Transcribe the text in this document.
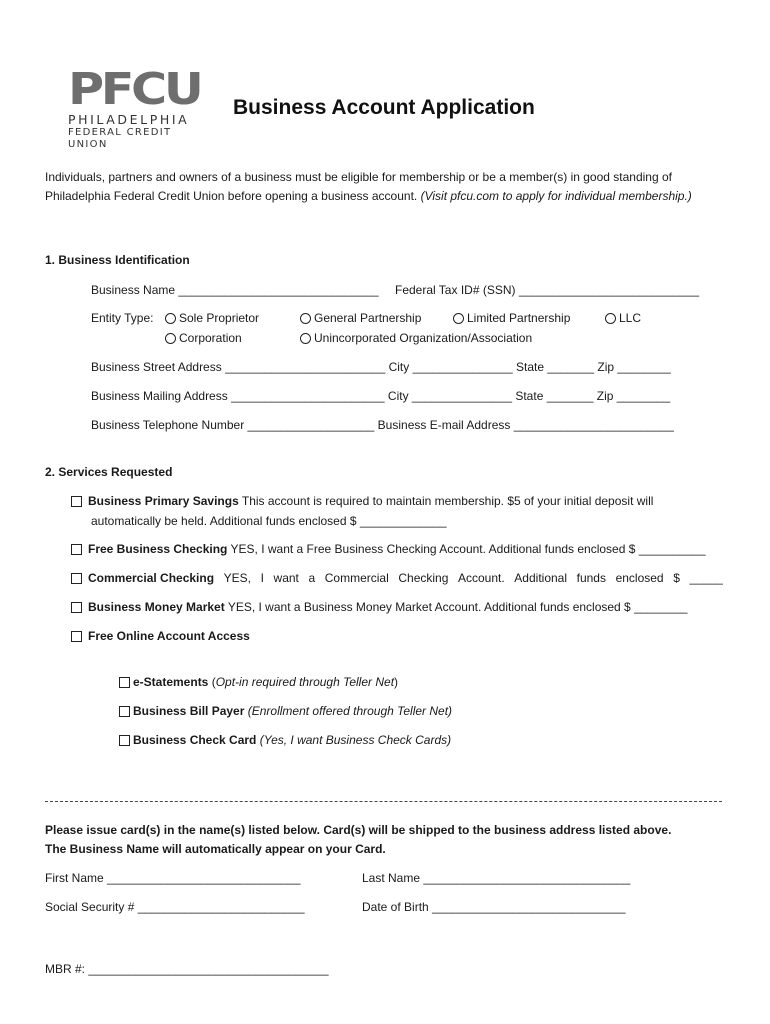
PFCU
PHILADELPHIA
FEDERAL CREDIT UNION
Business Account Application
Individuals, partners and owners of a business must be eligible for membership or be a member(s) in good standing of Philadelphia Federal Credit Union before opening a business account. (Visit pfcu.com to apply for individual membership.)
1. Business Identification
Business Name ______________________________ Federal Tax ID# (SSN) ___________________________
Entity Type:	Sole Proprietor	General Partnership	Limited Partnership	LLC
Corporation	Unincorporated Organization/Association
Business Street Address ________________________ City _______________ State _______ Zip ________
Business Mailing Address _______________________ City _______________ State _______ Zip ________
Business Telephone Number ___________________ Business E-mail Address ________________________
2. Services Requested
Business Primary Savings This account is required to maintain membership. $5 of your initial deposit will
automatically be held. Additional funds enclosed $ _____________
Free Business Checking YES, I want a Free Business Checking Account. Additional funds enclosed $ __________
Commercial Checking YES, I want a Commercial Checking Account. Additional funds enclosed $ _____
Business Money Market YES, I want a Business Money Market Account. Additional funds enclosed $ ________
Free Online Account Access
e-Statements (Opt-in required through Teller Net)
Business Bill Payer (Enrollment offered through Teller Net)
Business Check Card (Yes, I want Business Check Cards)
Please issue card(s) in the name(s) listed below. Card(s) will be shipped to the business address listed above.
The Business Name will automatically appear on your Card.
First Name _____________________________	Last Name _______________________________
Social Security # _________________________	Date of Birth _____________________________
MBR #: ____________________________________
